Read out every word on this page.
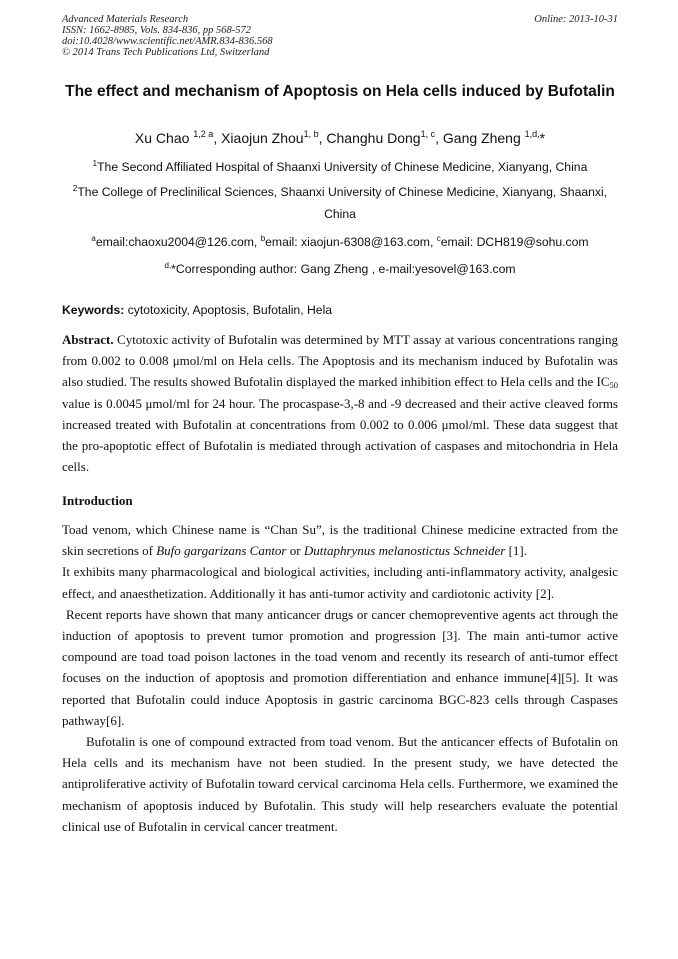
Advanced Materials Research
ISSN: 1662-8985, Vols. 834-836, pp 568-572
doi:10.4028/www.scientific.net/AMR.834-836.568
© 2014 Trans Tech Publications Ltd, Switzerland
Online: 2013-10-31
The effect and mechanism of Apoptosis on Hela cells induced by Bufotalin
Xu Chao $^{1,2 a}$, Xiaojun Zhou$^{1, b}$, Changhu Dong$^{1, c}$, Gang Zheng $^{1,d,}$*
$^1$The Second Affiliated Hospital of Shaanxi University of Chinese Medicine, Xianyang, China
$^2$The College of Preclinilical Sciences, Shaanxi University of Chinese Medicine, Xianyang, Shaanxi, China
$^a$email:chaoxu2004@126.com, $^b$email: xiaojun-6308@163.com, $^c$email: DCH819@sohu.com
$^{d,}$*Corresponding author: Gang Zheng , e-mail:yesovel@163.com
Keywords: cytotoxicity, Apoptosis, Bufotalin, Hela

Abstract. Cytotoxic activity of Bufotalin was determined by MTT assay at various concentrations ranging from 0.002 to 0.008 μmol/ml on Hela cells. The Apoptosis and its mechanism induced by Bufotalin was also studied. The results showed Bufotalin displayed the marked inhibition effect to Hela cells and the $IC_{50}$ value is 0.0045 μmol/ml for 24 hour. The procaspase-3,-8 and -9 decreased and their active cleaved forms increased treated with Bufotalin at concentrations from 0.002 to 0.006 μmol/ml. These data suggest that the pro-apoptotic effect of Bufotalin is mediated through activation of caspases and mitochondria in Hela cells.

Introduction

Toad venom, which Chinese name is “Chan Su”, is the traditional Chinese medicine extracted from the skin secretions of Bufo gargarizans Cantor or Duttaphrynus melanostictus Schneider [1].

It exhibits many pharmacological and biological activities, including anti-inflammatory activity, analgesic effect, and anaesthetization. Additionally it has anti-tumor activity and cardiotonic activity [2].

Recent reports have shown that many anticancer drugs or cancer chemopreventive agents act through the induction of apoptosis to prevent tumor promotion and progression [3]. The main anti-tumor active compound are toad toad poison lactones in the toad venom and recently its research of anti-tumor effect focuses on the induction of apoptosis and promotion differentiation and enhance immune[4][5]. It was reported that Bufotalin could induce Apoptosis in gastric carcinoma BGC-823 cells through Caspases pathway[6].

Bufotalin is one of compound extracted from toad venom. But the anticancer effects of Bufotalin on Hela cells and its mechanism have not been studied. In the present study, we have detected the antiproliferative activity of Bufotalin toward cervical carcinoma Hela cells. Furthermore, we examined the mechanism of apoptosis induced by Bufotalin. This study will help researchers evaluate the potential clinical use of Bufotalin in cervical cancer treatment.
